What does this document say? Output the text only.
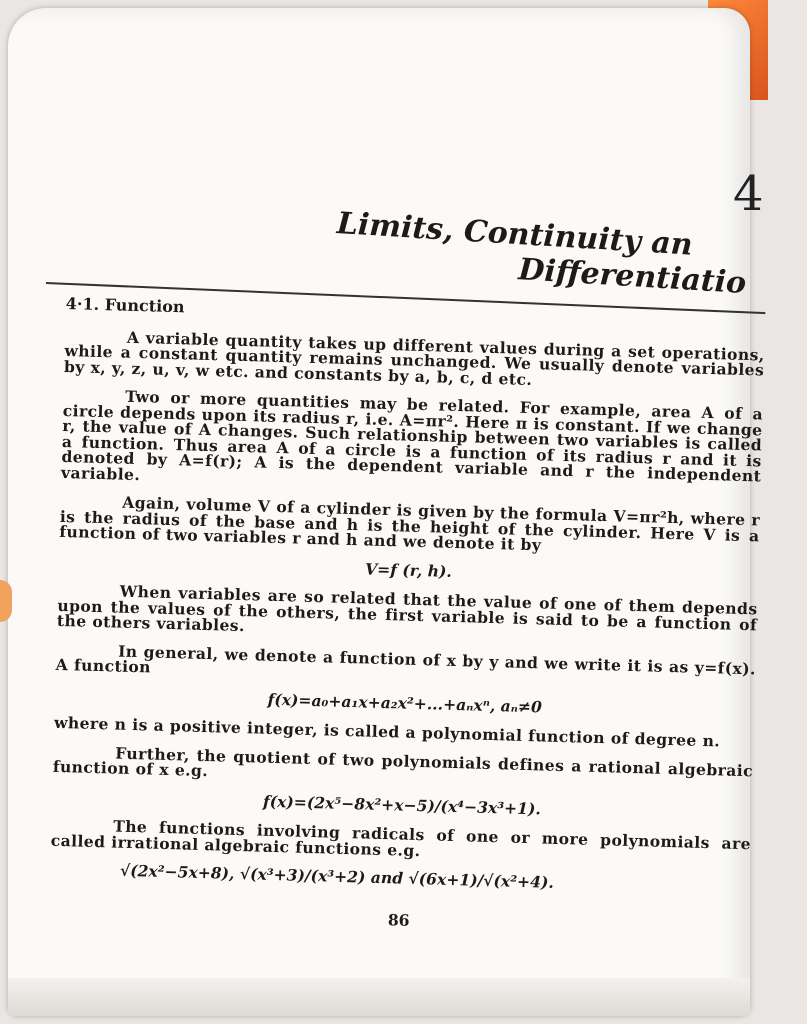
4
Limits, Continuity an
Differentiatio
4·1. Function

A variable quantity takes up different values during a set operations, while a constant quantity remains unchanged. We usually denote variables by x, y, z, u, v, w etc. and constants by a, b, c, d etc.

Two or more quantities may be related. For example, area A of a circle depends upon its radius r, i.e. A=πr². Here π is constant. If we change r, the value of A changes. Such relationship between two variables is called a function. Thus area A of a circle is a function of its radius r and it is denoted by A=f(r); A is the dependent variable and r the independent variable.

Again, volume V of a cylinder is given by the formula V=πr²h, where r is the radius of the base and h is the height of the cylinder. Here V is a function of two variables r and h and we denote it by

V=f (r, h).

When variables are so related that the value of one of them depends upon the values of the others, the first variable is said to be a function of the others variables.

In general, we denote a function of x by y and we write it is as y=f(x). A function

f(x)=a₀+a₁x+a₂x²+...+aₙxⁿ, aₙ≠0

where n is a positive integer, is called a polynomial function of degree n.

Further, the quotient of two polynomials defines a rational algebraic function of x e.g.

f(x)=(2x⁵−8x²+x−5)/(x⁴−3x³+1).

The functions involving radicals of one or more polynomials are called irrational algebraic functions e.g.

√(2x²−5x+8), √(x³+3)/(x³+2) and √(6x+1)/√(x²+4).
86
